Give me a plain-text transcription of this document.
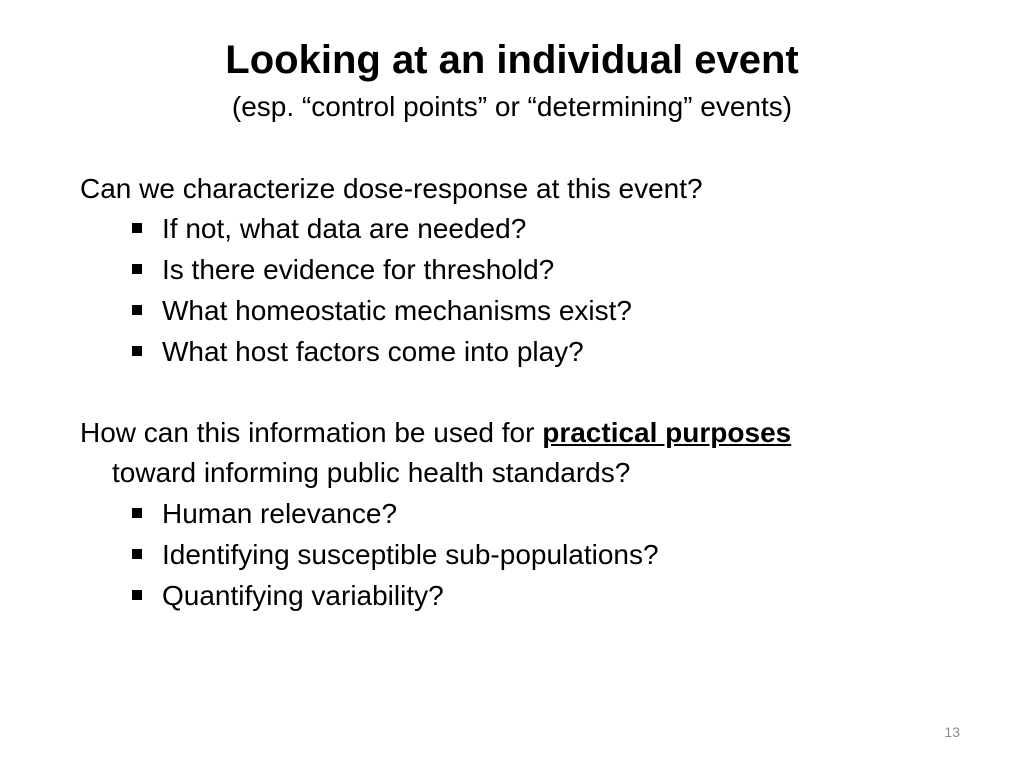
Looking at an individual event

(esp. “control points” or “determining” events)

Can we characterize dose-response at this event?

If not, what data are needed?
Is there evidence for threshold?
What homeostatic mechanisms exist?
What host factors come into play?

How can this information be used for practical purposes

toward informing public health standards?

Human relevance?
Identifying susceptible sub-populations?
Quantifying variability?

13
